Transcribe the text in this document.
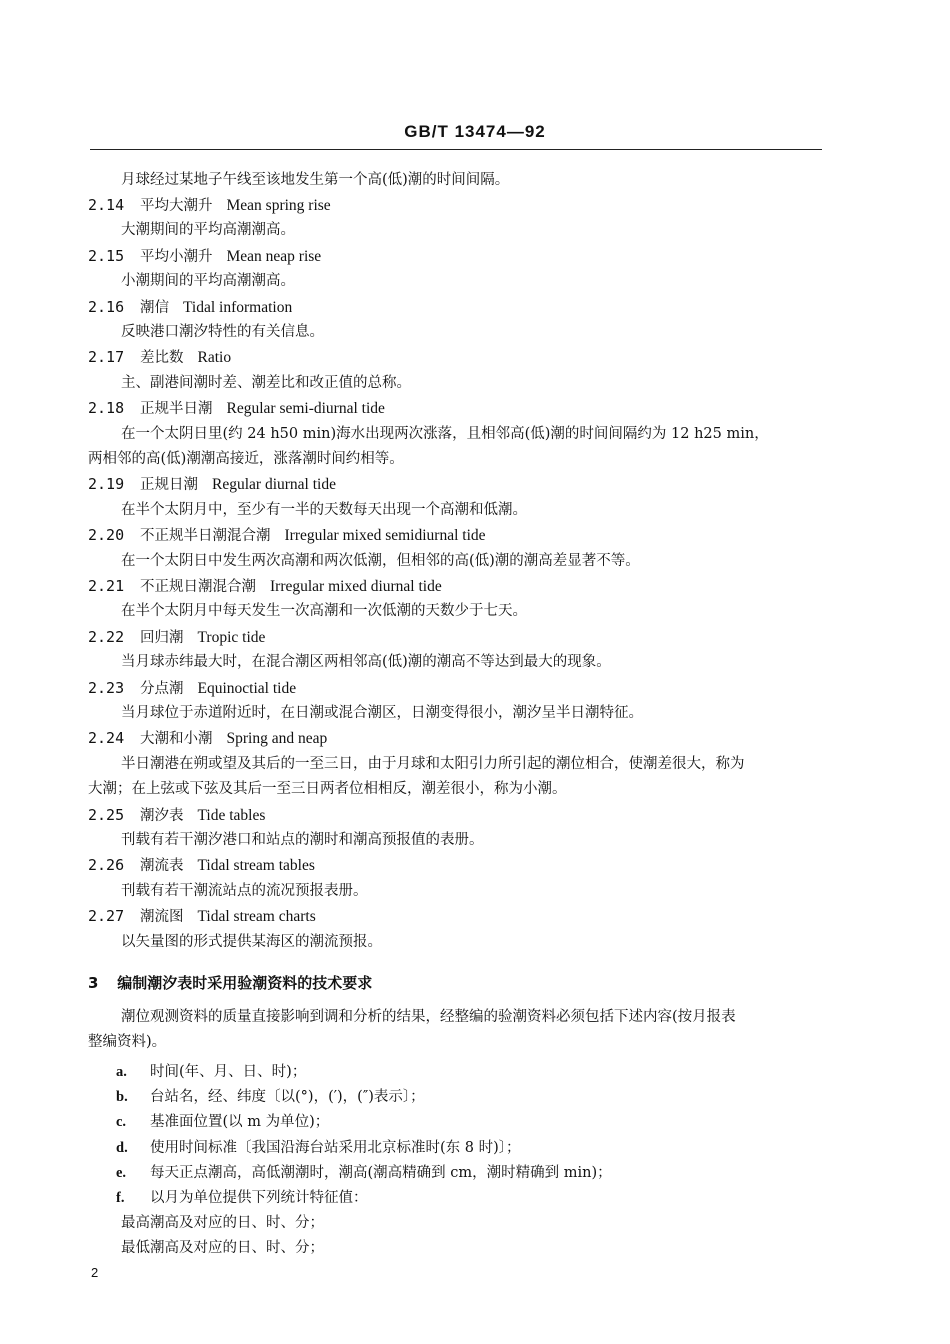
GB/T 13474—92
月球经过某地子午线至该地发生第一个高(低)潮的时间间隔。
2.14 平均大潮升 Mean spring rise
大潮期间的平均高潮潮高。
2.15 平均小潮升 Mean neap rise
小潮期间的平均高潮潮高。
2.16 潮信 Tidal information
反映港口潮汐特性的有关信息。
2.17 差比数 Ratio
主、副港间潮时差、潮差比和改正值的总称。
2.18 正规半日潮 Regular semi-diurnal tide
在一个太阴日里(约 24 h50 min)海水出现两次涨落，且相邻高(低)潮的时间间隔约为 12 h25 min，
两相邻的高(低)潮潮高接近，涨落潮时间约相等。
2.19 正规日潮 Regular diurnal tide
在半个太阴月中，至少有一半的天数每天出现一个高潮和低潮。
2.20 不正规半日潮混合潮 Irregular mixed semidiurnal tide
在一个太阴日中发生两次高潮和两次低潮，但相邻的高(低)潮的潮高差显著不等。
2.21 不正规日潮混合潮 Irregular mixed diurnal tide
在半个太阴月中每天发生一次高潮和一次低潮的天数少于七天。
2.22 回归潮 Tropic tide
当月球赤纬最大时，在混合潮区两相邻高(低)潮的潮高不等达到最大的现象。
2.23 分点潮 Equinoctial tide
当月球位于赤道附近时，在日潮或混合潮区，日潮变得很小，潮汐呈半日潮特征。
2.24 大潮和小潮 Spring and neap
半日潮港在朔或望及其后的一至三日，由于月球和太阳引力所引起的潮位相合，使潮差很大，称为
大潮；在上弦或下弦及其后一至三日两者位相相反，潮差很小，称为小潮。
2.25 潮汐表 Tide tables
刊载有若干潮汐港口和站点的潮时和潮高预报值的表册。
2.26 潮流表 Tidal stream tables
刊载有若干潮流站点的流况预报表册。
2.27 潮流图 Tidal stream charts
以矢量图的形式提供某海区的潮流预报。
3 编制潮汐表时采用验潮资料的技术要求
潮位观测资料的质量直接影响到调和分析的结果，经整编的验潮资料必须包括下述内容(按月报表
整编资料)。
a. 时间(年、月、日、时)；
b. 台站名，经、纬度〔以(°)，(′)，(″)表示〕；
c. 基准面位置(以 m 为单位)；
d. 使用时间标准〔我国沿海台站采用北京标准时(东 8 时)〕；
e. 每天正点潮高，高低潮潮时，潮高(潮高精确到 cm，潮时精确到 min)；
f. 以月为单位提供下列统计特征值：
最高潮高及对应的日、时、分；
最低潮高及对应的日、时、分；
2
